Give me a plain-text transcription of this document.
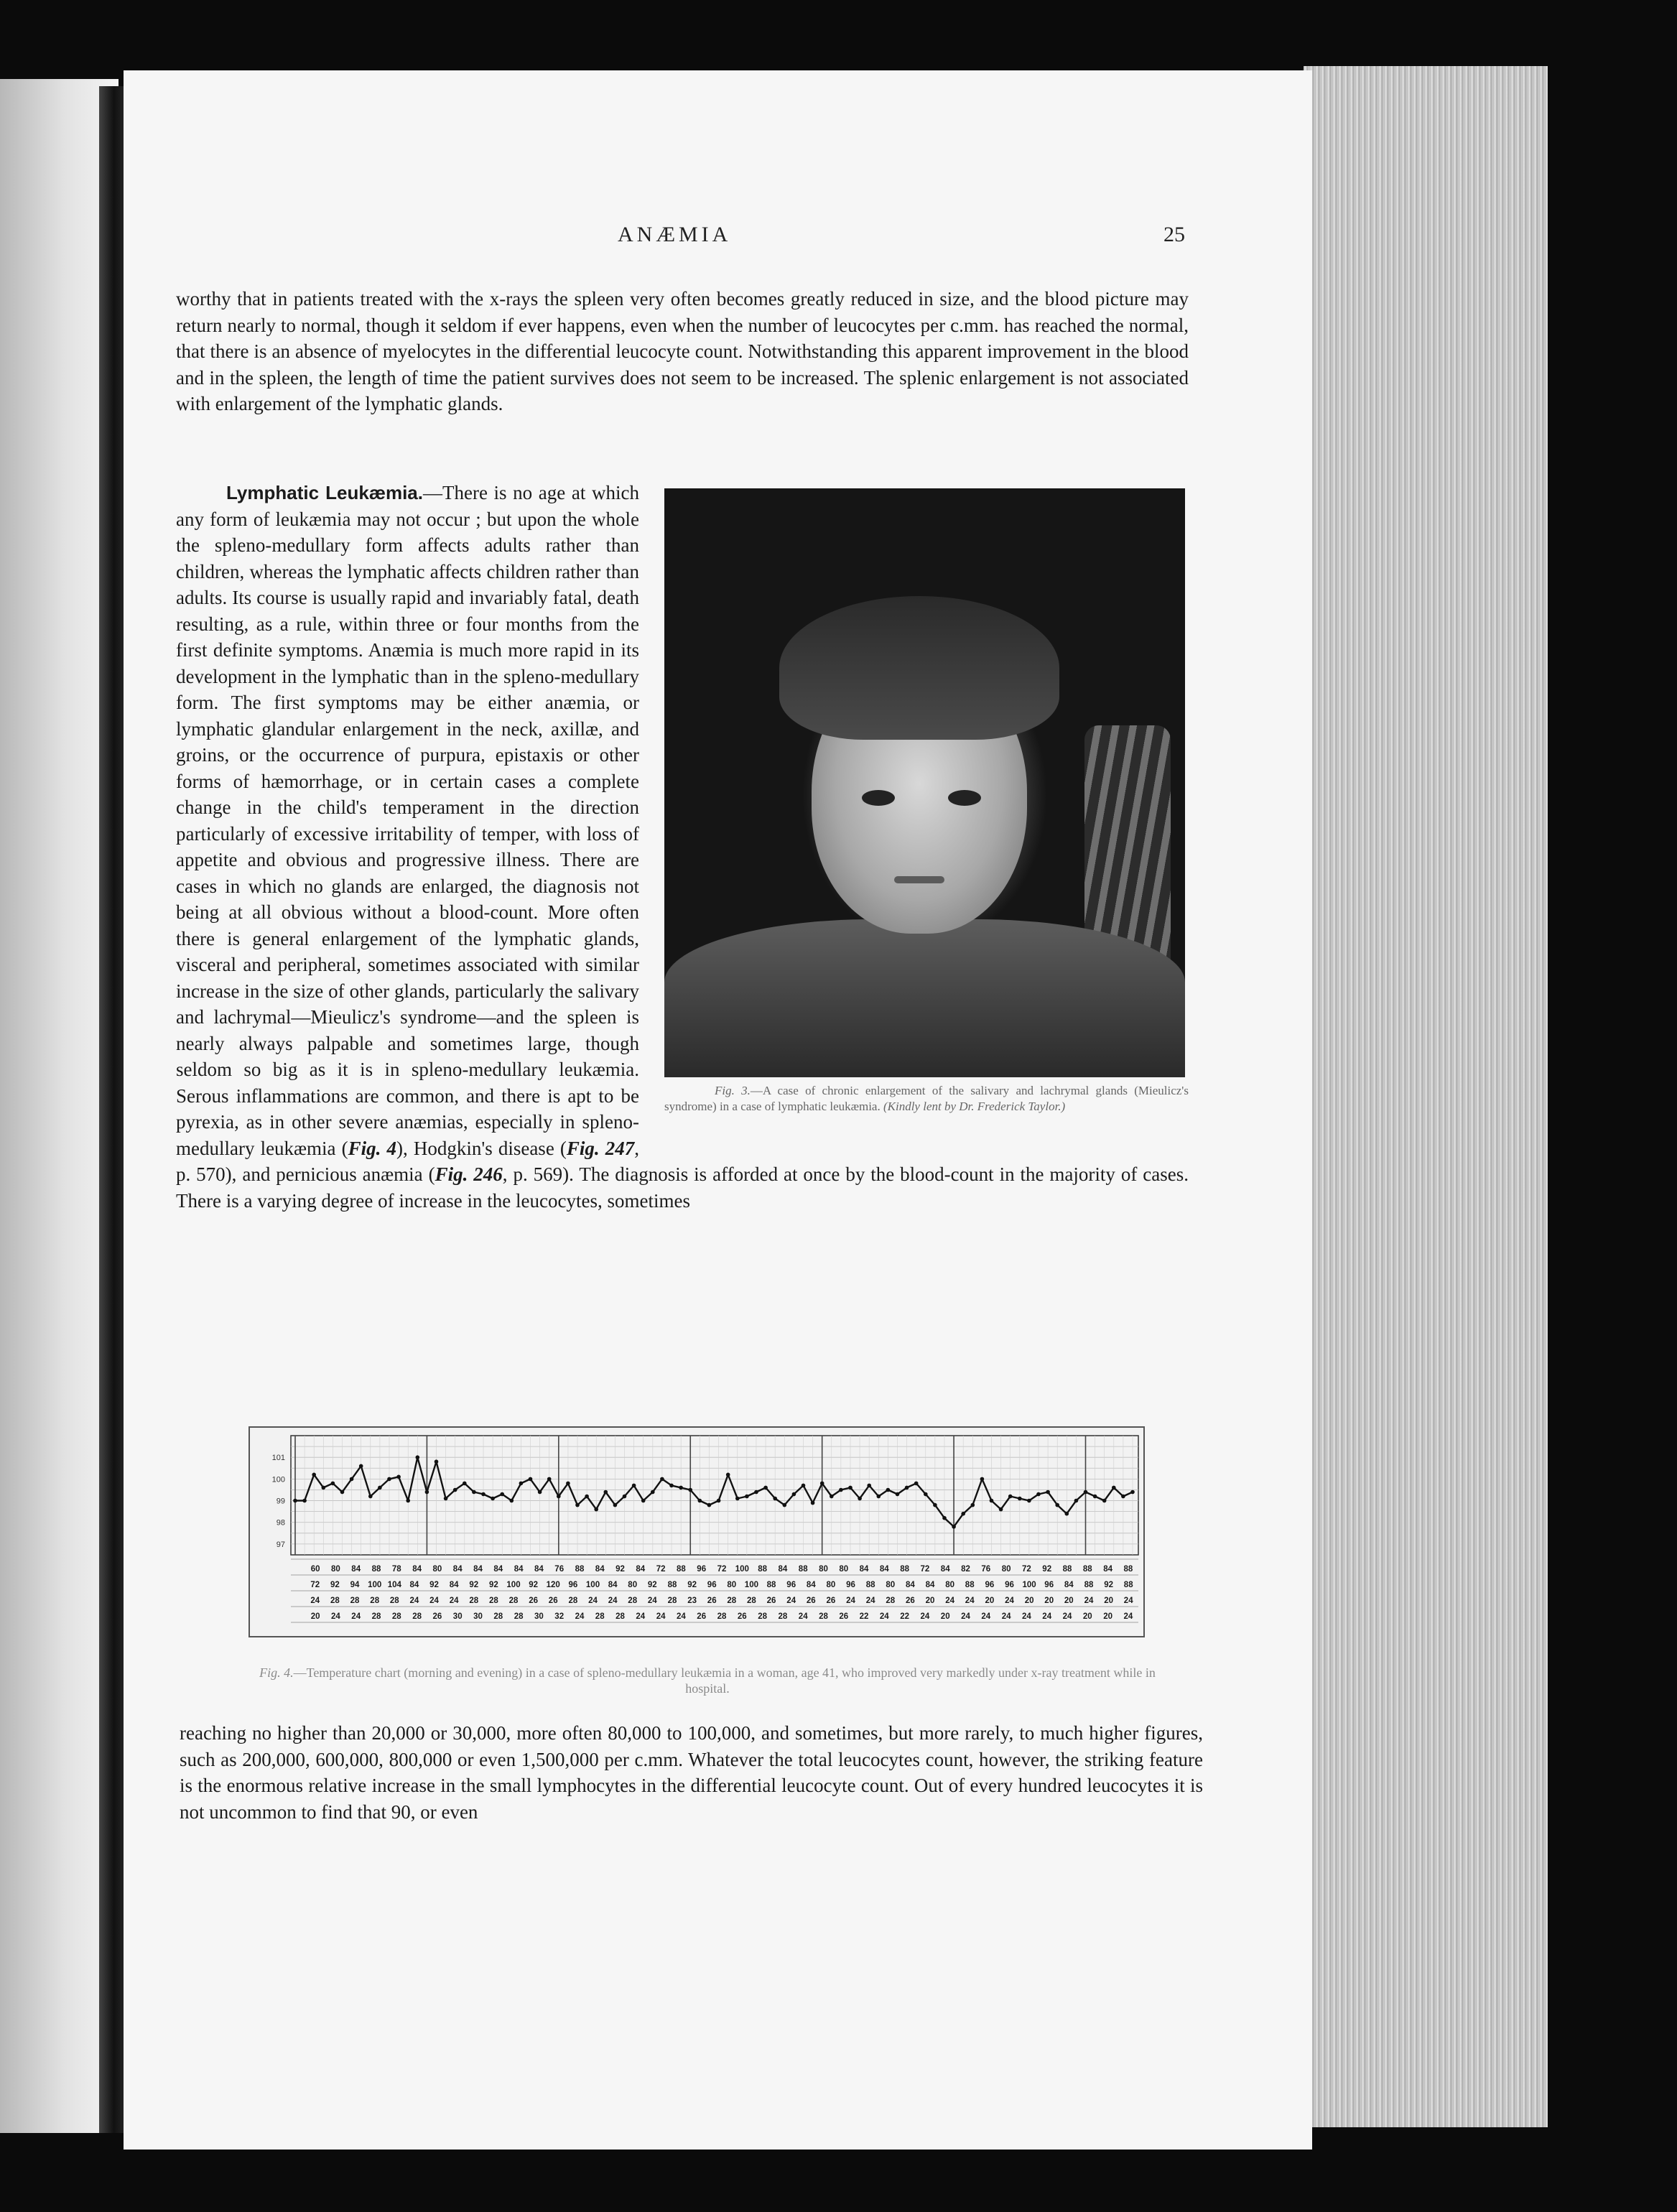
ANÆMIA	25

worthy that in patients treated with the x-rays the spleen very often becomes greatly reduced in size, and the blood picture may return nearly to normal, though it seldom if ever happens, even when the number of leucocytes per c.mm. has reached the normal, that there is an absence of myelocytes in the differential leucocyte count. Notwithstanding this apparent improvement in the blood and in the spleen, the length of time the patient survives does not seem to be increased. The splenic enlargement is not associated with enlargement of the lymphatic glands.

Fig. 3.—A case of chronic enlargement of the salivary and lachrymal glands (Mieulicz's syndrome) in a case of lymphatic leukæmia. (Kindly lent by Dr. Frederick Taylor.)

Lymphatic Leukæmia.—There is no age at which any form of leukæmia may not occur ; but upon the whole the spleno-medullary form affects adults rather than children, whereas the lymphatic affects children rather than adults. Its course is usually rapid and invariably fatal, death resulting, as a rule, within three or four months from the first definite symptoms. Anæmia is much more rapid in its development in the lymphatic than in the spleno-medullary form. The first symptoms may be either anæmia, or lymphatic glandular enlargement in the neck, axillæ, and groins, or the occurrence of purpura, epistaxis or other forms of hæmorrhage, or in certain cases a complete change in the child's temperament in the direction particularly of excessive irritability of temper, with loss of appetite and obvious and progressive illness. There are cases in which no glands are enlarged, the diagnosis not being at all obvious without a blood-count. More often there is general enlargement of the lymphatic glands, visceral and peripheral, sometimes associated with similar increase in the size of other glands, particularly the salivary and lachrymal—Mieulicz's syndrome—and the spleen is nearly always palpable and sometimes large, though seldom so big as it is in spleno-medullary leukæmia. Serous inflammations are common, and there is apt to be pyrexia, as in other severe anæmias, especially in spleno-medullary leukæmia (Fig. 4), Hodgkin's disease (Fig. 247, p. 570), and pernicious anæmia (Fig. 246, p. 569). The diagnosis is afforded at once by the blood-count in the majority of cases. There is a varying degree of increase in the leucocytes, sometimes
101
100
99
98
97
60 80 84 88 78 84 80 84 84 84 84 84 76 88 84 92 84 72 88 96 72 100 88 84 88 80 80 84 84 88 72 84 82 76 80 72 92 88 88 84 88
72 92 94 100 104 84 92 84 92 92 100 92 120 96 100 84 80 92 88 92 96 80 100 88 96 84 80 96 88 80 84 84 80 88 96 96 100 96 84 88 92 88
24 28 28 28 28 24 24 24 28 28 28 26 26 28 24 24 28 24 28 23 26 28 28 26 24 26 26 24 24 28 26 20 24 24 20 24 20 20 20 24 20 24
20 24 24 28 28 28 26 30 30 28 28 30 32 24 28 28 24 24 24 26 28 26 28 28 24 28 26 22 24 22 24 20 24 24 24 24 24 24 20 20 24
Fig. 4.—Temperature chart (morning and evening) in a case of spleno-medullary leukæmia in a woman, age 41, who improved very markedly under x-ray treatment while in hospital.

reaching no higher than 20,000 or 30,000, more often 80,000 to 100,000, and sometimes, but more rarely, to much higher figures, such as 200,000, 600,000, 800,000 or even 1,500,000 per c.mm. Whatever the total leucocytes count, however, the striking feature is the enormous relative increase in the small lymphocytes in the differential leucocyte count. Out of every hundred leucocytes it is not uncommon to find that 90, or even
